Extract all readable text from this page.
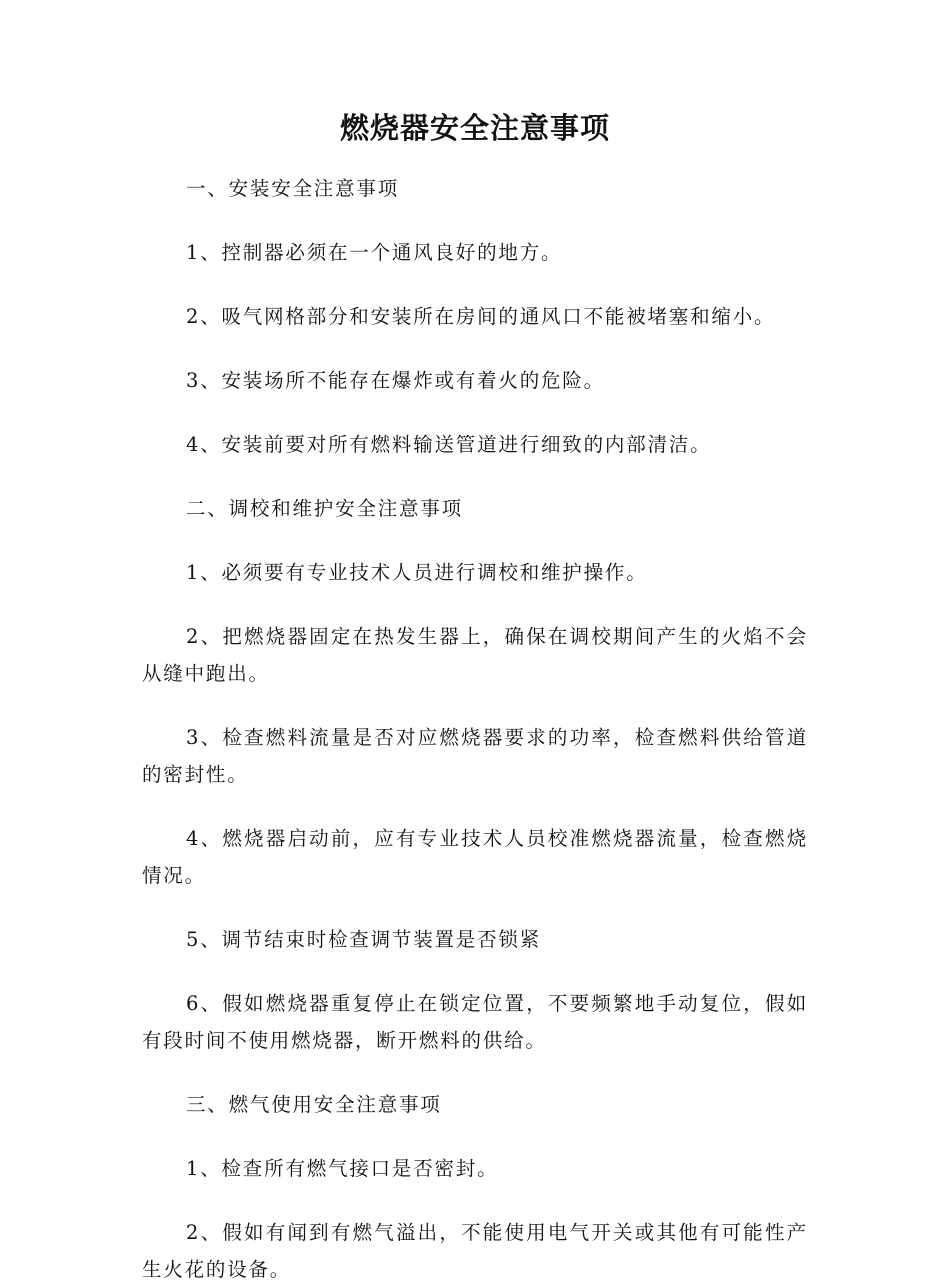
燃烧器安全注意事项

一、安装安全注意事项

1、控制器必须在一个通风良好的地方。

2、吸气网格部分和安装所在房间的通风口不能被堵塞和缩小。

3、安装场所不能存在爆炸或有着火的危险。

4、安装前要对所有燃料输送管道进行细致的内部清洁。

二、调校和维护安全注意事项

1、必须要有专业技术人员进行调校和维护操作。

2、把燃烧器固定在热发生器上，确保在调校期间产生的火焰不会从缝中跑出。

3、检查燃料流量是否对应燃烧器要求的功率，检查燃料供给管道的密封性。

4、燃烧器启动前，应有专业技术人员校准燃烧器流量，检查燃烧情况。

5、调节结束时检查调节装置是否锁紧

6、假如燃烧器重复停止在锁定位置，不要频繁地手动复位，假如有段时间不使用燃烧器，断开燃料的供给。

三、燃气使用安全注意事项

1、检查所有燃气接口是否密封。

2、假如有闻到有燃气溢出，不能使用电气开关或其他有可能性产生火花的设备。
